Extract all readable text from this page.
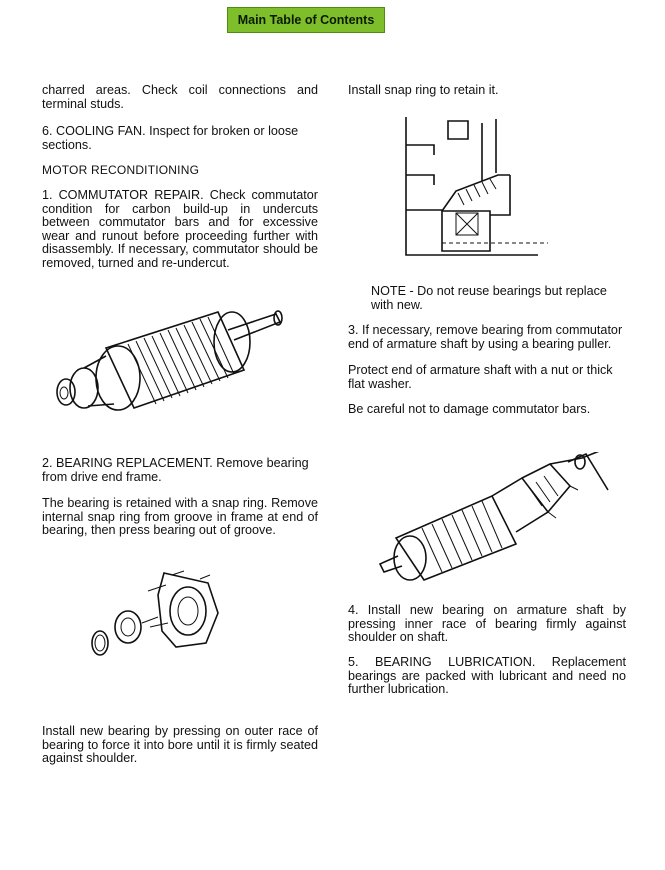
Main Table of Contents

charred areas. Check coil connections and terminal studs.

6. COOLING FAN. Inspect for broken or loose sections.

MOTOR RECONDITIONING

1. COMMUTATOR REPAIR. Check commutator condition for carbon build-up in undercuts between commutator bars and for excessive wear and runout before proceeding further with disassembly. If necessary, commutator should be removed, turned and re-undercut.

2. BEARING REPLACEMENT. Remove bearing from drive end frame.

The bearing is retained with a snap ring. Remove internal snap ring from groove in frame at end of bearing, then press bearing out of groove.

Install new bearing by pressing on outer race of bearing to force it into bore until it is firmly seated against shoulder.

Install snap ring to retain it.

NOTE - Do not reuse bearings but replace with new.

3. If necessary, remove bearing from commutator end of armature shaft by using a bearing puller.

Protect end of armature shaft with a nut or thick flat washer.

Be careful not to damage commutator bars.

4. Install new bearing on armature shaft by pressing inner race of bearing firmly against shoulder on shaft.

5. BEARING LUBRICATION. Replacement bearings are packed with lubricant and need no further lubrication.
